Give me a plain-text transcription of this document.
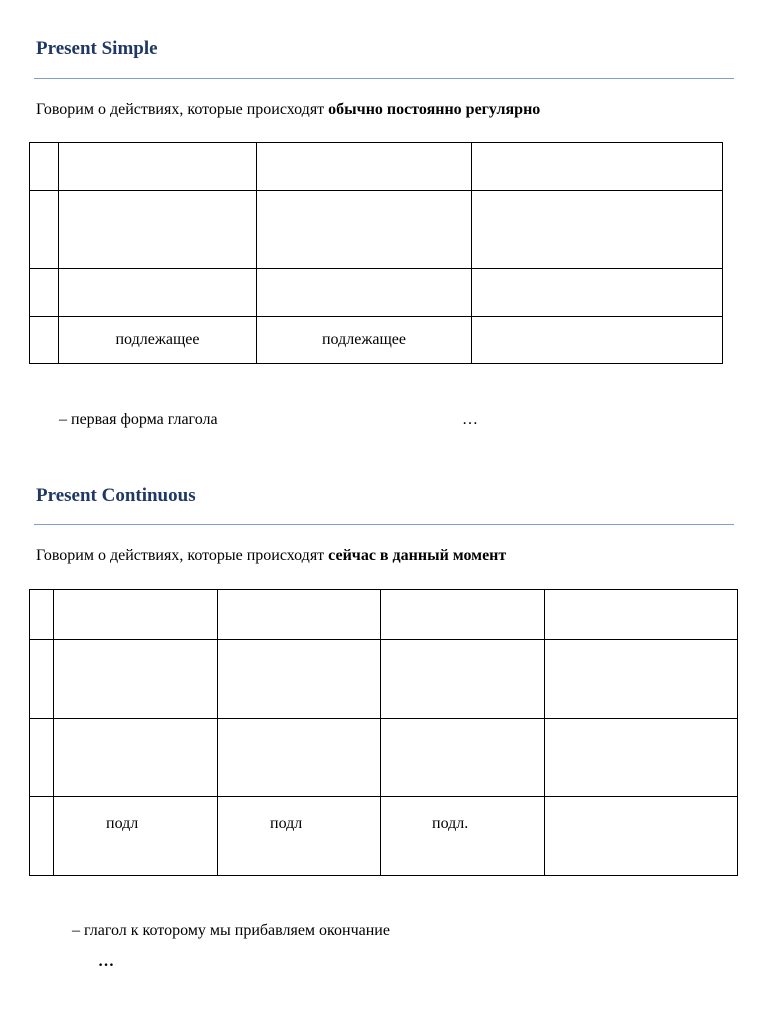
Present Simple

Говорим о действиях, которые происходят обычно постоянно регулярно

	подлежащее	подлежащее	

– первая форма глагола	…

Present Continuous

Говорим о действиях, которые происходят сейчас в данный момент

	подл	подл	подл.	

– глагол к которому мы прибавляем окончание

…
